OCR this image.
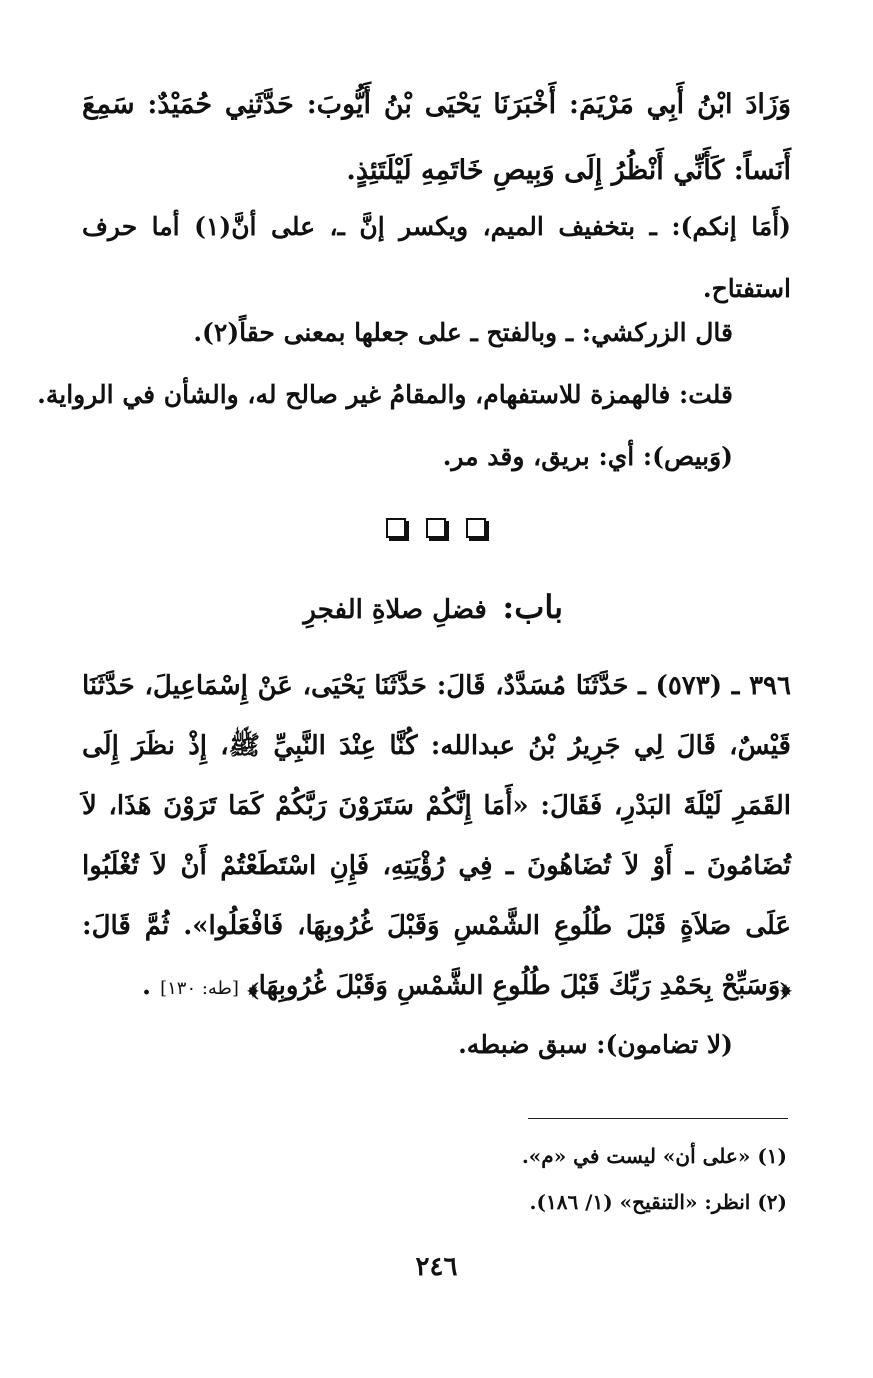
وَزَادَ ابْنُ أَبِي مَرْيَمَ: أَخْبَرَنَا يَحْيَى بْنُ أَيُّوبَ: حَدَّثَنِي حُمَيْدٌ: سَمِعَ أَنَساً: كَأَنِّي أَنْظُرُ إِلَى وَبِيصِ خَاتَمِهِ لَيْلَتَئِذٍ.
(أَمَا إنكم): ـ بتخفيف الميم، ويكسر إنَّ ـ، على أنَّ(١) أما حرف استفتاح.
قال الزركشي: ـ وبالفتح ـ على جعلها بمعنى حقاً(٢).
قلت: فالهمزة للاستفهام، والمقامُ غير صالح له، والشأن في الرواية.
(وَبيص): أي: بريق، وقد مر.
باب: فضلِ صلاةِ الفجرِ
٣٩٦ ـ (٥٧٣) ـ حَدَّثَنَا مُسَدَّدٌ، قَالَ: حَدَّثَنَا يَحْيَى، عَنْ إِسْمَاعِيلَ، حَدَّثَنَا قَيْسٌ، قَالَ لِي جَرِيرُ بْنُ عبدالله: كُنَّا عِنْدَ النَّبِيِّ ﷺ، إِذْ نظَرَ إِلَى القَمَرِ لَيْلَةَ البَدْرِ، فَقَالَ: «أَمَا إِنَّكُمْ سَتَرَوْنَ رَبَّكُمْ كَمَا تَرَوْنَ هَذَا، لاَ تُضَامُونَ ـ أَوْ لاَ تُضَاهُونَ ـ فِي رُؤْيَتِهِ، فَإِنِ اسْتَطَعْتُمْ أَنْ لاَ تُغْلَبُوا عَلَى صَلاَةٍ قَبْلَ طُلُوعِ الشَّمْسِ وَقَبْلَ غُرُوبِهَا، فَافْعَلُوا». ثُمَّ قَالَ: ﴿وَسَبِّحْ بِحَمْدِ رَبِّكَ قَبْلَ طُلُوعِ الشَّمْسِ وَقَبْلَ غُرُوبِهَا﴾ [طه: ١٣٠] .
(لا تضامون): سبق ضبطه.
(١) «على أن» ليست في «م».
(٢) انظر: «التنقيح» (١/ ١٨٦).
٢٤٦
